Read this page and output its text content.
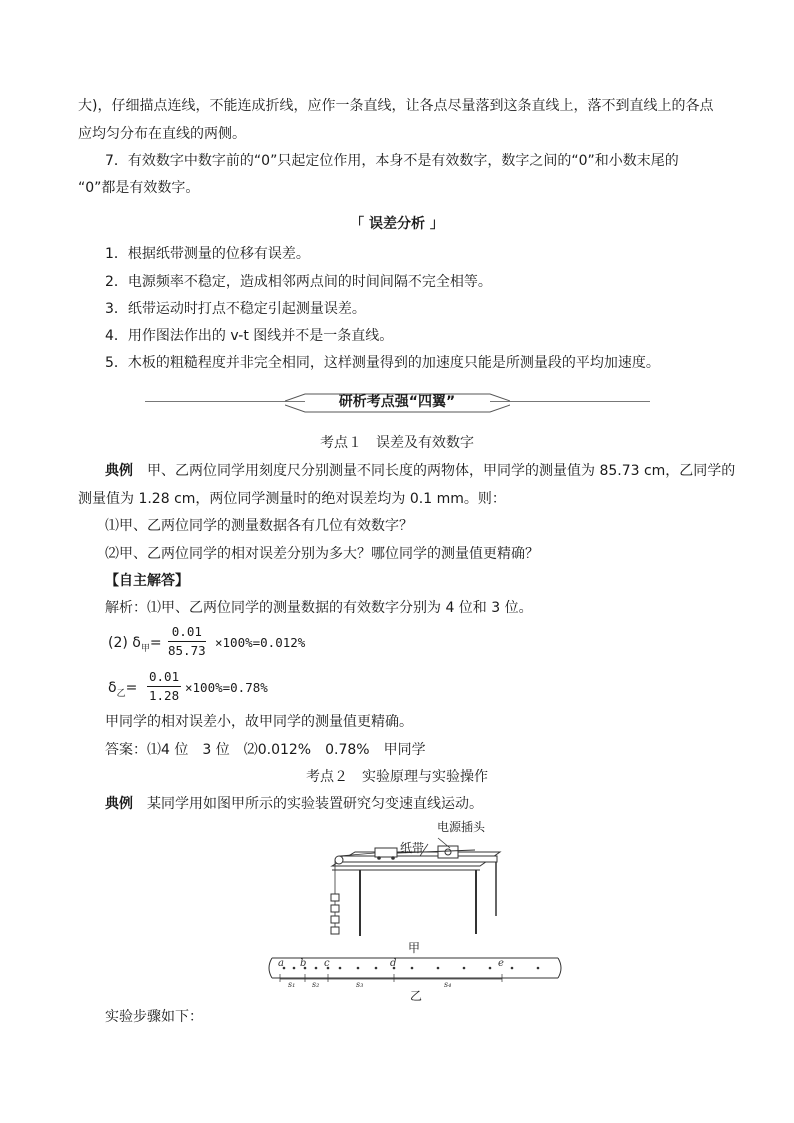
大)，仔细描点连线，不能连成折线，应作一条直线，让各点尽量落到这条直线上，落不到直线上的各点
应均匀分布在直线的两侧。
7．有效数字中数字前的“0”只起定位作用，本身不是有效数字，数字之间的“0”和小数末尾的
“0”都是有效数字。
「 误差分析 」
1．根据纸带测量的位移有误差。
2．电源频率不稳定，造成相邻两点间的时间间隔不完全相等。
3．纸带运动时打点不稳定引起测量误差。
4．用作图法作出的 v-t 图线并不是一条直线。
5．木板的粗糙程度并非完全相同，这样测量得到的加速度只能是所测量段的平均加速度。
研析考点强“四翼”
考点１　误差及有效数字
典例　甲、乙两位同学用刻度尺分别测量不同长度的两物体，甲同学的测量值为 85.73 cm，乙同学的
测量值为 1.28 cm，两位同学测量时的绝对误差均为 0.1 mm。则：
⑴甲、乙两位同学的测量数据各有几位有效数字？
⑵甲、乙两位同学的相对误差分别为多大？哪位同学的测量值更精确？
【自主解答】
解析：⑴甲、乙两位同学的测量数据的有效数字分别为 4 位和 3 位。
(2) $\delta_甲= \frac{0.01}{85.73} \times 100\%=0.012\%$
$\delta_乙= \frac{0.01}{1.28} \times 100\%=0.78\%$
甲同学的相对误差小，故甲同学的测量值更精确。
答案：⑴4 位　3 位　⑵0.012%　0.78%　甲同学
考点２　实验原理与实验操作
典例　某同学用如图甲所示的实验装置研究匀变速直线运动。
电源插头
纸带
甲
a b c	d	e
s₁ s₂	s₃	s₄
乙
实验步骤如下：
